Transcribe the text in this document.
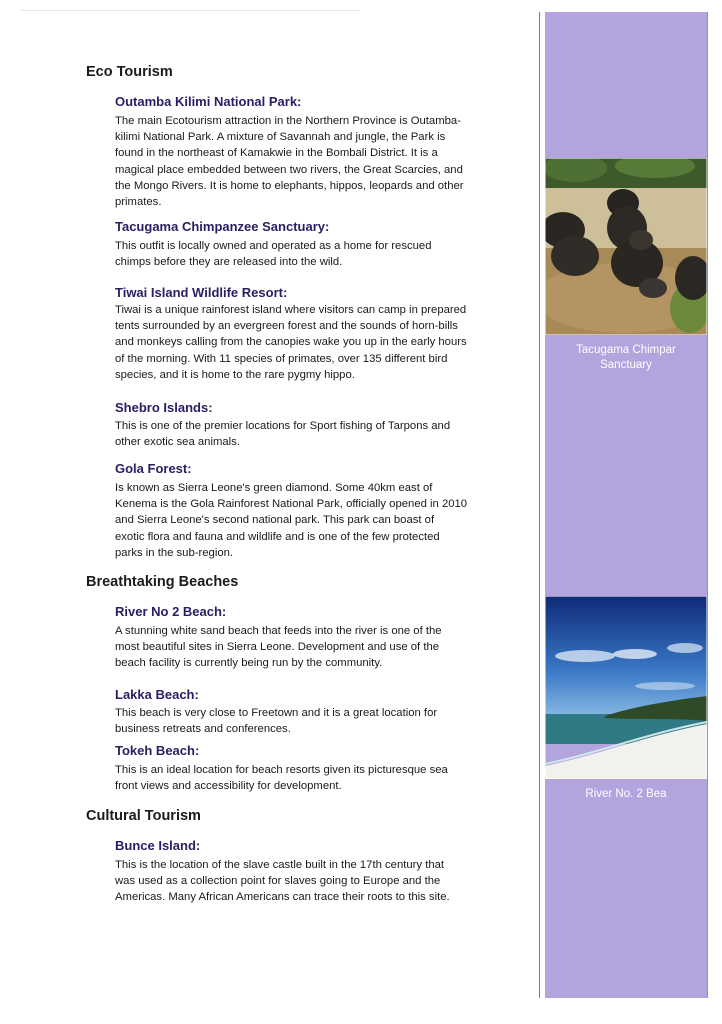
Eco Tourism
Outamba Kilimi National Park:
The main Ecotourism attraction in the Northern Province is Outamba-
kilimi National Park. A mixture of Savannah and jungle, the Park is
found in the northeast of Kamakwie in the Bombali District. It is a
magical place embedded between two rivers, the Great Scarcies, and
the Mongo Rivers. It is home to elephants, hippos, leopards and other
primates.
Tacugama Chimpanzee Sanctuary:
This outfit is locally owned and operated as a home for rescued
chimps before they are released into the wild.
Tiwai Island Wildlife Resort:
Tiwai is a unique rainforest island where visitors can camp in prepared
tents surrounded by an evergreen forest and the sounds of horn-bills
and monkeys calling from the canopies wake you up in the early hours
of the morning. With 11 species of primates, over 135 different bird
species, and it is home to the rare pygmy hippo.
Shebro Islands:
This is one of the premier locations for Sport fishing of Tarpons and
other exotic sea animals.
Gola Forest:
Is known as Sierra Leone's green diamond. Some 40km east of
Kenema is the Gola Rainforest National Park, officially opened in 2010
and Sierra Leone's second national park. This park can boast of
exotic flora and fauna and wildlife and is one of the few protected
parks in the sub-region.
Breathtaking Beaches
River No 2 Beach:
A stunning white sand beach that feeds into the river is one of the
most beautiful sites in Sierra Leone. Development and use of the
beach facility is currently being run by the community.
Lakka Beach:
This beach is very close to Freetown and it is a great location for
business retreats and conferences.
Tokeh Beach:
This is an ideal location for beach resorts given its picturesque sea
front views and accessibility for development.
Cultural Tourism
Bunce Island:
This is the location of the slave castle built in the 17th century that
was used as a collection point for slaves going to Europe and the
Americas. Many African Americans can trace their roots to this site.
Tacugama Chimpar
Sanctuary
River No. 2 Bea
